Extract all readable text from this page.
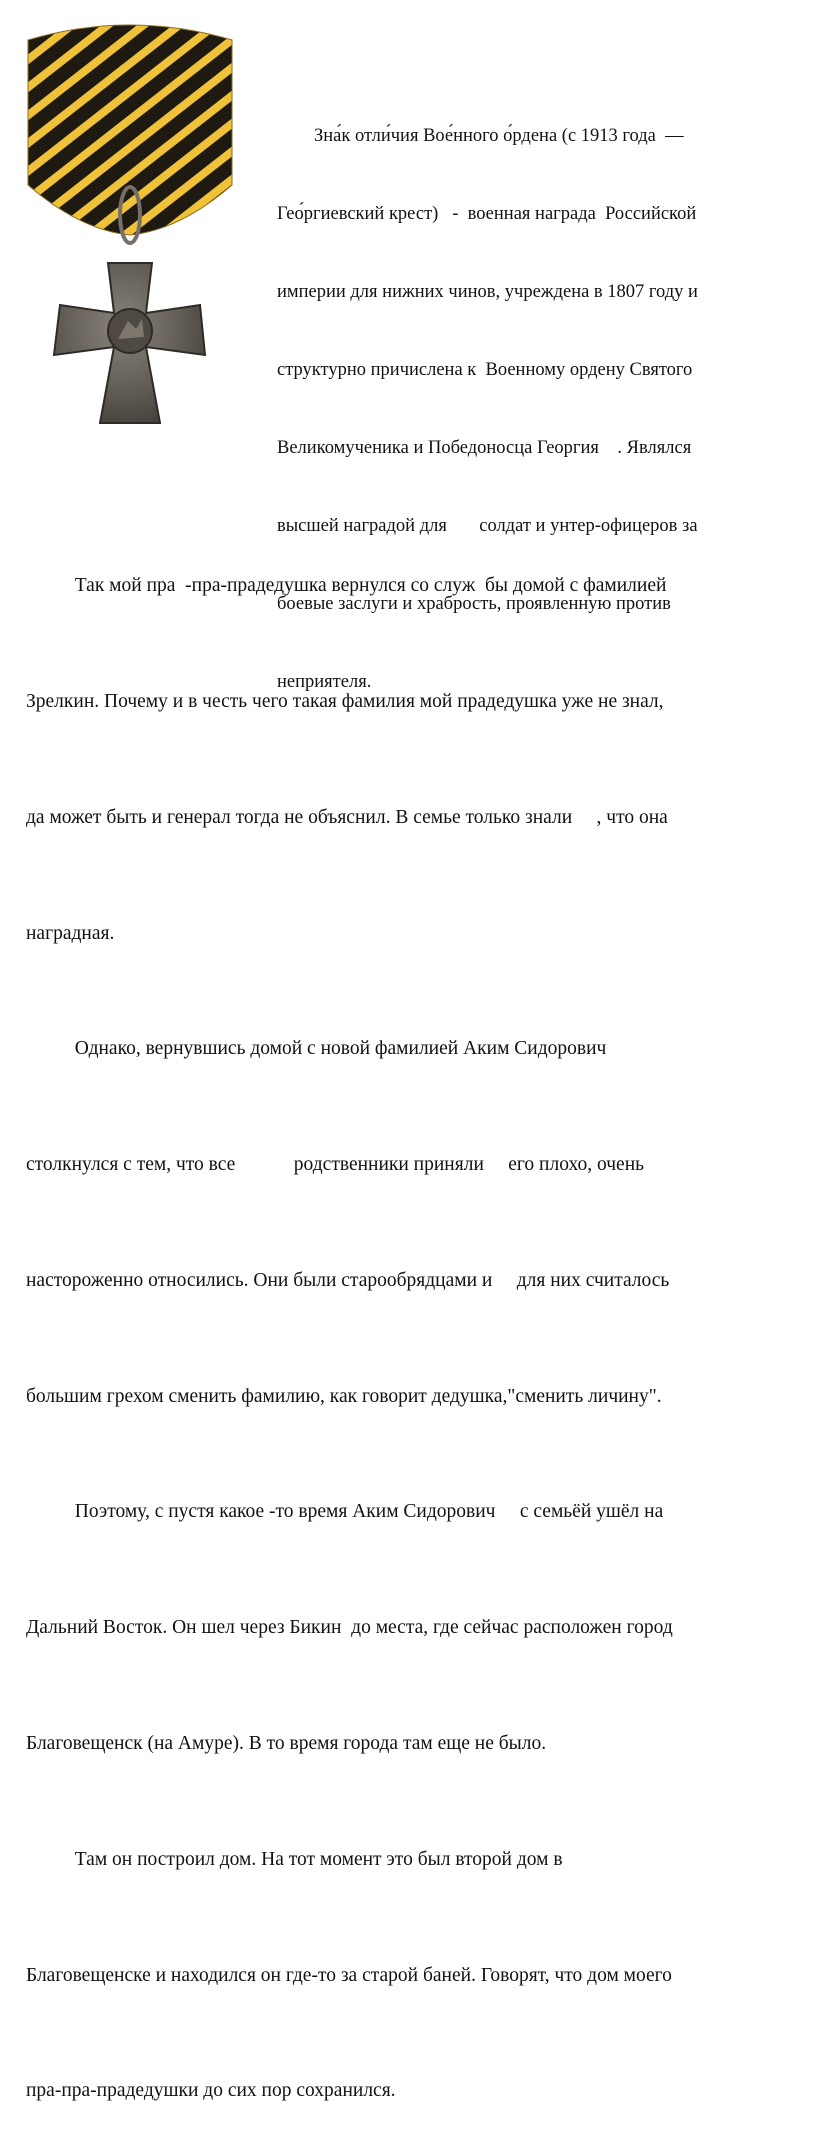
Зна́к отли́чия Вое́нного о́рдена (с 1913 года  —

Гео́ргиевский крест)   -  военная награда  Российской

империи для нижних чинов, учреждена в 1807 году и

структурно причислена к  Военному ордену Святого

Великомученика и Победоносца Георгия    . Являлся

высшей наградой для       солдат и унтер-офицеров за

боевые заслуги и храбрость, проявленную против

неприятеля.

Так мой пра  -пра-прадедушка вернулся со служ  бы домой с фамилией

Зрелкин. Почему и в честь чего такая фамилия мой прадедушка уже не знал,

да может быть и генерал тогда не объяснил. В семье только знали     , что она

наградная.

Однако, вернувшись домой с новой фамилией Аким Сидорович

столкнулся с тем, что все            родственники приняли     его плохо, очень

настороженно относились. Они были старообрядцами и     для них считалось

большим грехом сменить фамилию, как говорит дедушка,"сменить личину".

Поэтому, с пустя какое -то время Аким Сидорович     с семьёй ушёл на

Дальний Восток. Он шел через Бикин  до места, где сейчас расположен город

Благовещенск (на Амуре). В то время города там еще не было.

Там он построил дом. На тот момент это был второй дом в

Благовещенске и находился он где-то за старой баней. Говорят, что дом моего

пра-пра-прадедушки до сих пор сохранился.
